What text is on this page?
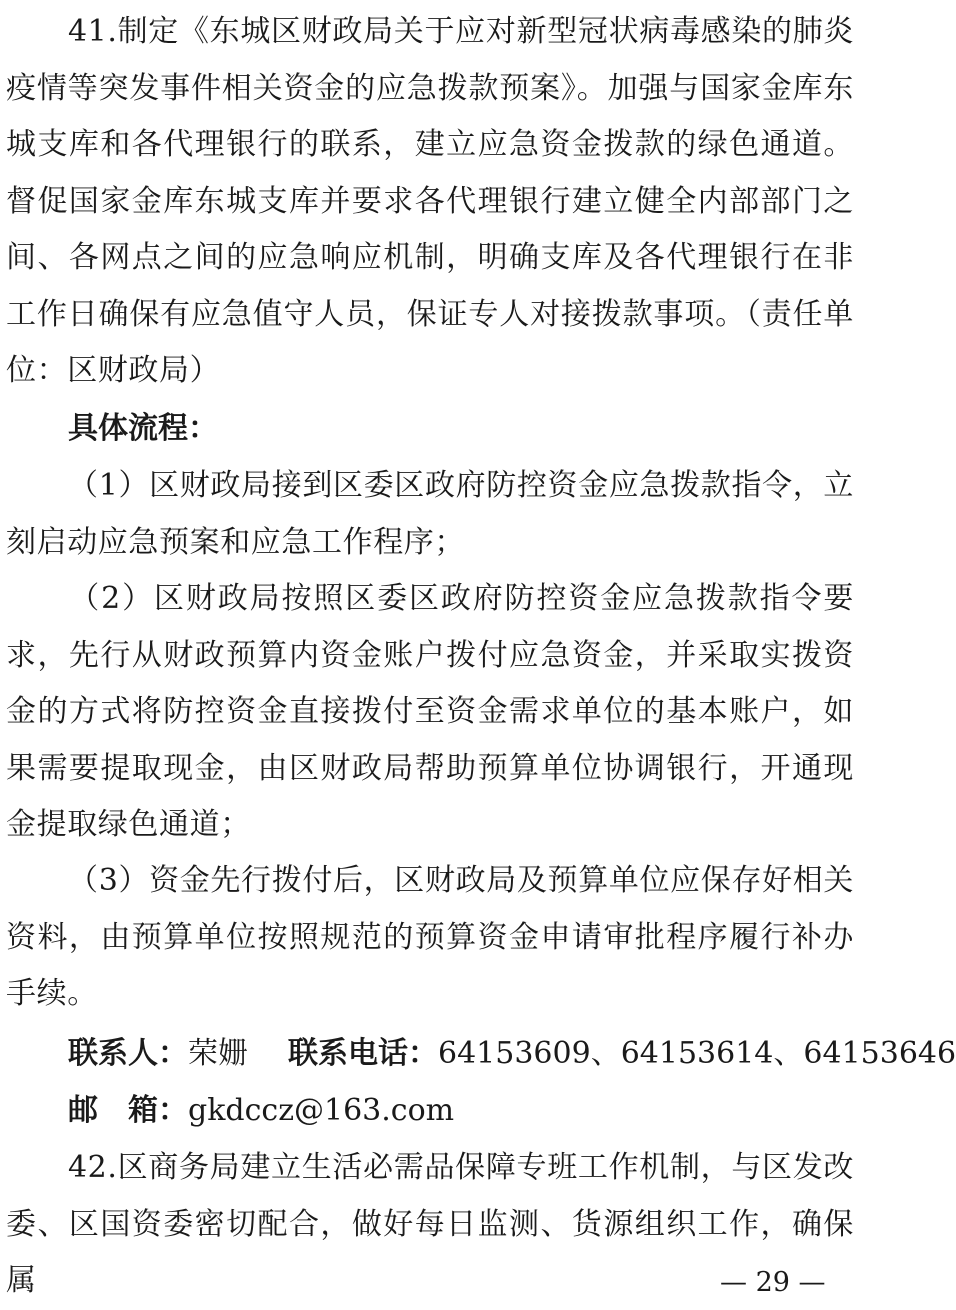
41.制定《东城区财政局关于应对新型冠状病毒感染的肺炎疫情等突发事件相关资金的应急拨款预案》。加强与国家金库东城支库和各代理银行的联系，建立应急资金拨款的绿色通道。督促国家金库东城支库并要求各代理银行建立健全内部部门之间、各网点之间的应急响应机制，明确支库及各代理银行在非工作日确保有应急值守人员，保证专人对接拨款事项。（责任单位：区财政局）

具体流程：

（1）区财政局接到区委区政府防控资金应急拨款指令，立刻启动应急预案和应急工作程序；

（2）区财政局按照区委区政府防控资金应急拨款指令要求，先行从财政预算内资金账户拨付应急资金，并采取实拨资金的方式将防控资金直接拨付至资金需求单位的基本账户，如果需要提取现金，由区财政局帮助预算单位协调银行，开通现金提取绿色通道；

（3）资金先行拨付后，区财政局及预算单位应保存好相关资料，由预算单位按照规范的预算资金申请审批程序履行补办手续。

联系人：荣姗 联系电话：64153609、64153614、64153646

邮　箱：gkdccz@163.com

42.区商务局建立生活必需品保障专班工作机制，与区发改委、区国资委密切配合，做好每日监测、货源组织工作，确保属	— 29 —
